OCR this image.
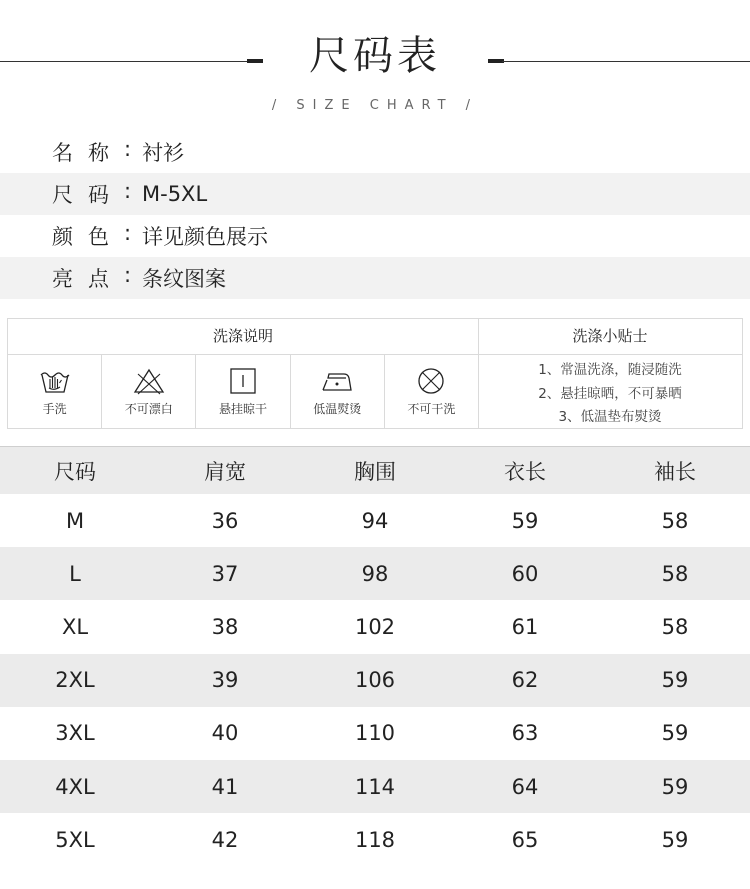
尺码表
/ SIZE CHART /
名 称 : 衬衫
尺 码 : M-5XL
颜 色 : 详见颜色展示
亮 点 : 条纹图案
洗涤说明
手洗	不可漂白	悬挂晾干	低温熨烫	不可干洗
洗涤小贴士
1、常温洗涤，随浸随洗
2、悬挂晾晒，不可暴晒
3、低温垫布熨烫
尺码	肩宽	胸围	衣长	袖长
M	36	94	59	58
L	37	98	60	58
XL	38	102	61	58
2XL	39	106	62	59
3XL	40	110	63	59
4XL	41	114	64	59
5XL	42	118	65	59
